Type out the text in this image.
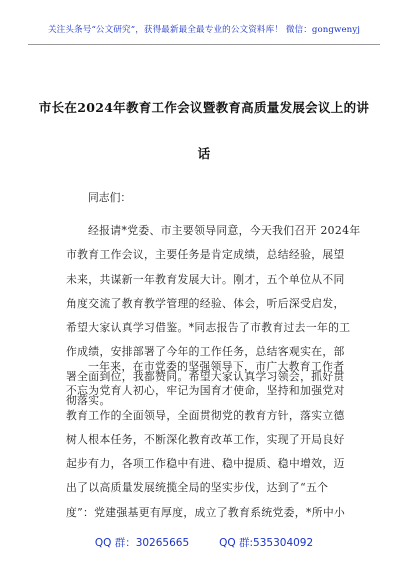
关注头条号“公文研究”，获得最新最全最专业的公文资料库！ 微信：gongwenyj
市长在2024年教育工作会议暨教育高质量发展会议上的讲
话
同志们：
经报请*党委、市主要领导同意，今天我们召开 2024年
市教育工作会议，主要任务是肯定成绩，总结经验，展望
未来，共谋新一年教育发展大计。刚才，五个单位从不同
角度交流了教育教学管理的经验、体会，听后深受启发，
希望大家认真学习借鉴。*同志报告了市教育过去一年的工
作成绩，安排部署了今年的工作任务，总结客观实在，部
署全面到位，我都赞同。希望大家认真学习领会，抓好贯
彻落实。
一年来，在市党委的坚强领导下，市广大教育工作者
不忘为党育人初心，牢记为国育才使命，坚持和加强党对
教育工作的全面领导，全面贯彻党的教育方针，落实立德
树人根本任务，不断深化教育改革工作，实现了开局良好
起步有力，各项工作稳中有进、稳中提质、稳中增效，迈
出了以高质量发展统揽全局的坚实步伐，达到了“五个
度”：党建强基更有厚度，成立了教育系统党委，*所中小
QQ 群：30265665	QQ 群:535304092
